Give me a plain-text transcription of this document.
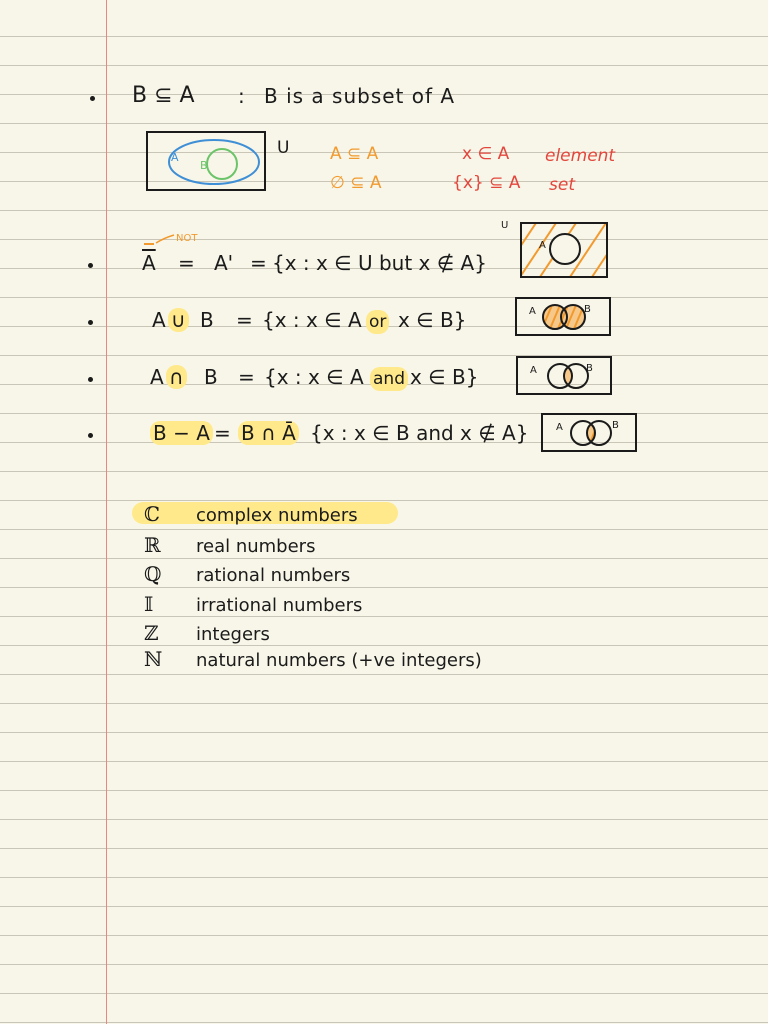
B ⊆ A : B is a subset of A
A
B
U A ⊆ A
∅ ⊆ A
x ∈ A
{x} ⊆ A
element
set
$\overline{A}$
NOT
= A' = {x : x ∈ U but x ∉ A}
U
A
A ∪ B = {x : x ∈ A or x ∈ B}	A	B
A ∩ B = {x : x ∈ A and x ∈ B}	A	B
B − A = B ∩ Ā {x : x ∈ B and x ∉ A}	A	B
ℂ complex numbers
ℝ real numbers
ℚ rational numbers
𝕀 irrational numbers
ℤ integers
ℕ natural numbers (+ve integers)
